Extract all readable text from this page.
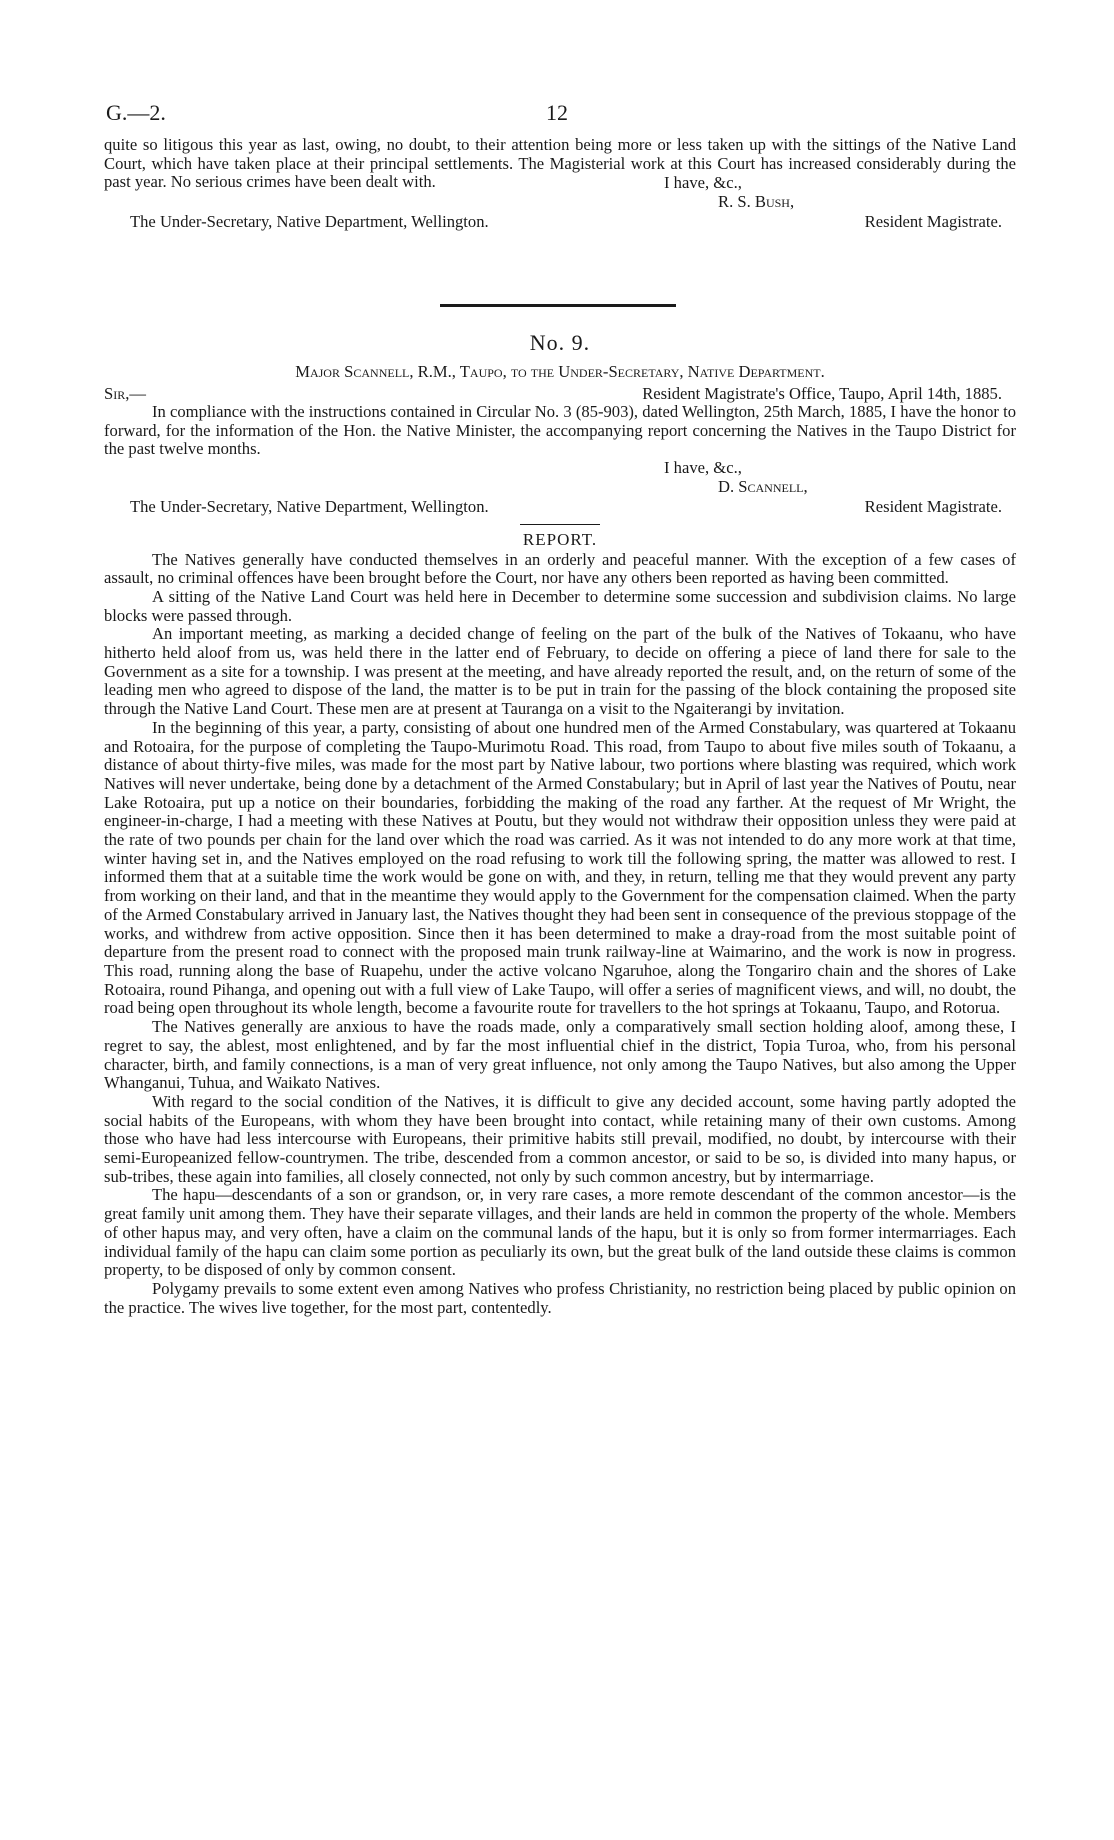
G.—2.	12

quite so litigous this year as last, owing, no doubt, to their attention being more or less taken up with the sittings of the Native Land Court, which have taken place at their principal settlements. The Magisterial work at this Court has increased considerably during the past year. No serious crimes have been dealt with.	I have, &c.,
R. S. Bush,
The Under-Secretary, Native Department, Wellington.	Resident Magistrate.
No. 9.
Major Scannell, R.M., Taupo, to the Under-Secretary, Native Department.
Sir,—	Resident Magistrate's Office, Taupo, April 14th, 1885.

In compliance with the instructions contained in Circular No. 3 (85-903), dated Wellington, 25th March, 1885, I have the honor to forward, for the information of the Hon. the Native Minister, the accompanying report concerning the Natives in the Taupo District for the past twelve months.

I have, &c.,
D. Scannell,
The Under-Secretary, Native Department, Wellington.	Resident Magistrate.
REPORT.

The Natives generally have conducted themselves in an orderly and peaceful manner. With the exception of a few cases of assault, no criminal offences have been brought before the Court, nor have any others been reported as having been committed.

A sitting of the Native Land Court was held here in December to determine some succession and subdivision claims. No large blocks were passed through.

An important meeting, as marking a decided change of feeling on the part of the bulk of the Natives of Tokaanu, who have hitherto held aloof from us, was held there in the latter end of February, to decide on offering a piece of land there for sale to the Government as a site for a township. I was present at the meeting, and have already reported the result, and, on the return of some of the leading men who agreed to dispose of the land, the matter is to be put in train for the passing of the block containing the proposed site through the Native Land Court. These men are at present at Tauranga on a visit to the Ngaiterangi by invitation.

In the beginning of this year, a party, consisting of about one hundred men of the Armed Constabulary, was quartered at Tokaanu and Rotoaira, for the purpose of completing the Taupo-Murimotu Road. This road, from Taupo to about five miles south of Tokaanu, a distance of about thirty-five miles, was made for the most part by Native labour, two portions where blasting was required, which work Natives will never undertake, being done by a detachment of the Armed Constabulary; but in April of last year the Natives of Poutu, near Lake Rotoaira, put up a notice on their boundaries, forbidding the making of the road any farther. At the request of Mr Wright, the engineer-in-charge, I had a meeting with these Natives at Poutu, but they would not withdraw their opposition unless they were paid at the rate of two pounds per chain for the land over which the road was carried. As it was not intended to do any more work at that time, winter having set in, and the Natives employed on the road refusing to work till the following spring, the matter was allowed to rest. I informed them that at a suitable time the work would be gone on with, and they, in return, telling me that they would prevent any party from working on their land, and that in the meantime they would apply to the Government for the compensation claimed. When the party of the Armed Constabulary arrived in January last, the Natives thought they had been sent in consequence of the previous stoppage of the works, and withdrew from active opposition. Since then it has been determined to make a dray-road from the most suitable point of departure from the present road to connect with the proposed main trunk railway-line at Waimarino, and the work is now in progress. This road, running along the base of Ruapehu, under the active volcano Ngaruhoe, along the Tongariro chain and the shores of Lake Rotoaira, round Pihanga, and opening out with a full view of Lake Taupo, will offer a series of magnificent views, and will, no doubt, the road being open throughout its whole length, become a favourite route for travellers to the hot springs at Tokaanu, Taupo, and Rotorua.

The Natives generally are anxious to have the roads made, only a comparatively small section holding aloof, among these, I regret to say, the ablest, most enlightened, and by far the most influential chief in the district, Topia Turoa, who, from his personal character, birth, and family connections, is a man of very great influence, not only among the Taupo Natives, but also among the Upper Whanganui, Tuhua, and Waikato Natives.

With regard to the social condition of the Natives, it is difficult to give any decided account, some having partly adopted the social habits of the Europeans, with whom they have been brought into contact, while retaining many of their own customs. Among those who have had less intercourse with Europeans, their primitive habits still prevail, modified, no doubt, by intercourse with their semi-Europeanized fellow-countrymen. The tribe, descended from a common ancestor, or said to be so, is divided into many hapus, or sub-tribes, these again into families, all closely connected, not only by such common ancestry, but by intermarriage.

The hapu—descendants of a son or grandson, or, in very rare cases, a more remote descendant of the common ancestor—is the great family unit among them. They have their separate villages, and their lands are held in common the property of the whole. Members of other hapus may, and very often, have a claim on the communal lands of the hapu, but it is only so from former intermarriages. Each individual family of the hapu can claim some portion as peculiarly its own, but the great bulk of the land outside these claims is common property, to be disposed of only by common consent.

Polygamy prevails to some extent even among Natives who profess Christianity, no restriction being placed by public opinion on the practice. The wives live together, for the most part, contentedly.
